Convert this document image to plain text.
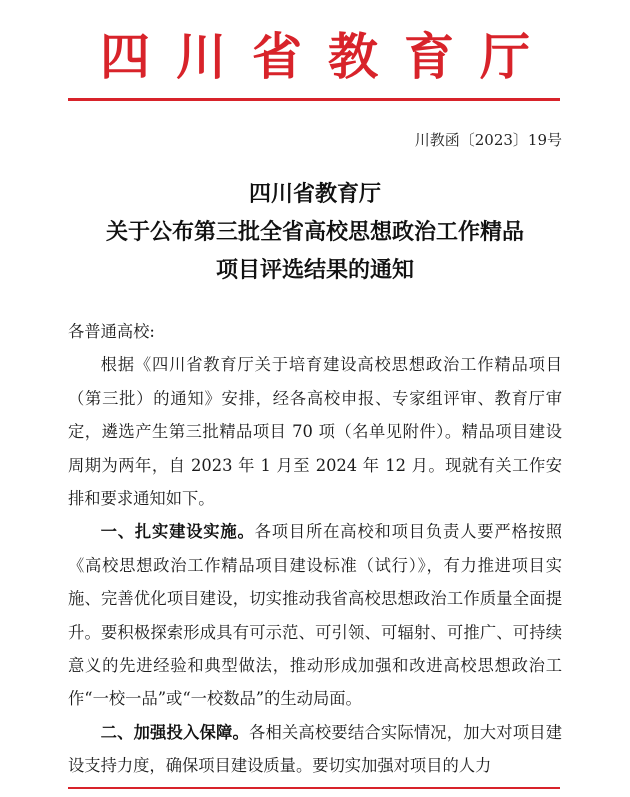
四川省教育厅
川教函〔2023〕19号
四川省教育厅
关于公布第三批全省高校思想政治工作精品
项目评选结果的通知

各普通高校:

根据《四川省教育厅关于培育建设高校思想政治工作精品项目（第三批）的通知》安排，经各高校申报、专家组评审、教育厅审定，遴选产生第三批精品项目 70 项（名单见附件）。精品项目建设周期为两年，自 2023 年 1 月至 2024 年 12 月。现就有关工作安排和要求通知如下。

一、扎实建设实施。各项目所在高校和项目负责人要严格按照《高校思想政治工作精品项目建设标准（试行）》，有力推进项目实施、完善优化项目建设，切实推动我省高校思想政治工作质量全面提升。要积极探索形成具有可示范、可引领、可辐射、可推广、可持续意义的先进经验和典型做法，推动形成加强和改进高校思想政治工作“一校一品”或“一校数品”的生动局面。

二、加强投入保障。各相关高校要结合实际情况，加大对项目建设支持力度，确保项目建设质量。要切实加强对项目的人力
